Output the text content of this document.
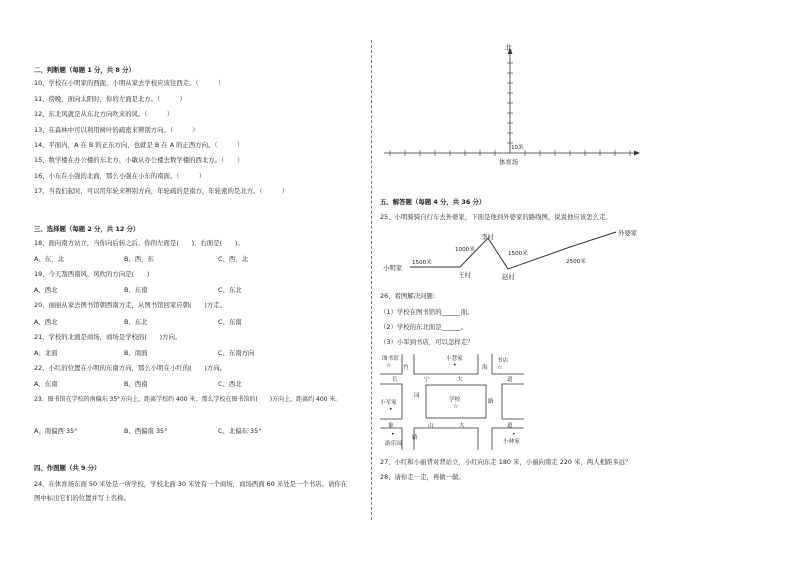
二、判断题（每题 1 分，共 8 分）
10、学校在小明家的西面，小明从家去学校应该往西走。（　　　）
11、傍晚，面向太阳时，你的左面是北方。（　　　）
12、东北风就是从东北方向吹来的风。（　　　）
13、在森林中可以利用树叶的疏密来辨别方向。（　　　）
14、平面内，A 在 B 的正东方向，也就是 B 在 A 的正西方向。（　　　）
15、数学楼在办公楼的东北方，小敏从办公楼去数学楼的西北方。（　　）
16、小东在小强的北面，那么小强在小东的南面。（　　　）
17、当我们起时，可以用年轮来辨别方向，年轮疏的是南方，年轮密的是北方。（　　　）
三、选择题（每题 2 分，共 12 分）
18、面向南方站立，当你向后转之后，你的左面是(　　)，右面是(　　)。
A、东，北	B、西，东	C、西，北
19、今天刮西南风，风吹的方向是(　　)
A、西北	B、东南	C、东北
20、丽丽从家去图书馆朝西南方走，从图书馆回家应朝(　　)方走。
A、西北	B、东北	C、东南
21、学校的北面是商场，商场是学校的(　　)方向。
A、北面	B、南面	C、东南方向
22、小红的位置在小明的东南方向，那么小明在小红的(　　)方向。
A、东南	B、西南	C、西北
23、图书馆在学校的南偏东 35°方向上，距离学校约 400 米；那么学校在图书馆的(　　)方向上，距离约 400 米。
A、南偏西 35°	B、西偏南 35°	C、北偏东 35°
四、作图题（共 9 分）
24、在体育场东面 50 米处是一所学校，学校北面 30 米处有一个商场，商场西面 60 米处是一个书店。请你在
图中标出它们的位置并写上名称。
北
10米
体育场
五、解答题（每题 4 分，共 36 分）
25、小明骑骑自行车去外婆家，下面是他到外婆家的路线图，说说他应该怎么走。
小明家
1500米
王村
1000米
李村
1500米
赵村
2500米
外婆家
26、看图解决问题：
（1）学校在图书馆的______面。
（2）学校的东北面是______。
（3）小军到书店，可以怎样走？
图书馆
☆ 竹
小慧家
•	海
书店
☆
长	宁	大	道
小军家
•
园
学校
☆
路
象	山	大	道
•
游乐园
路	•
小林家
27、小红和小丽背对背站立，小红向东走 180 米，小丽向南走 220 米，两人相距多远？
28、请你走一走，再做一做。
